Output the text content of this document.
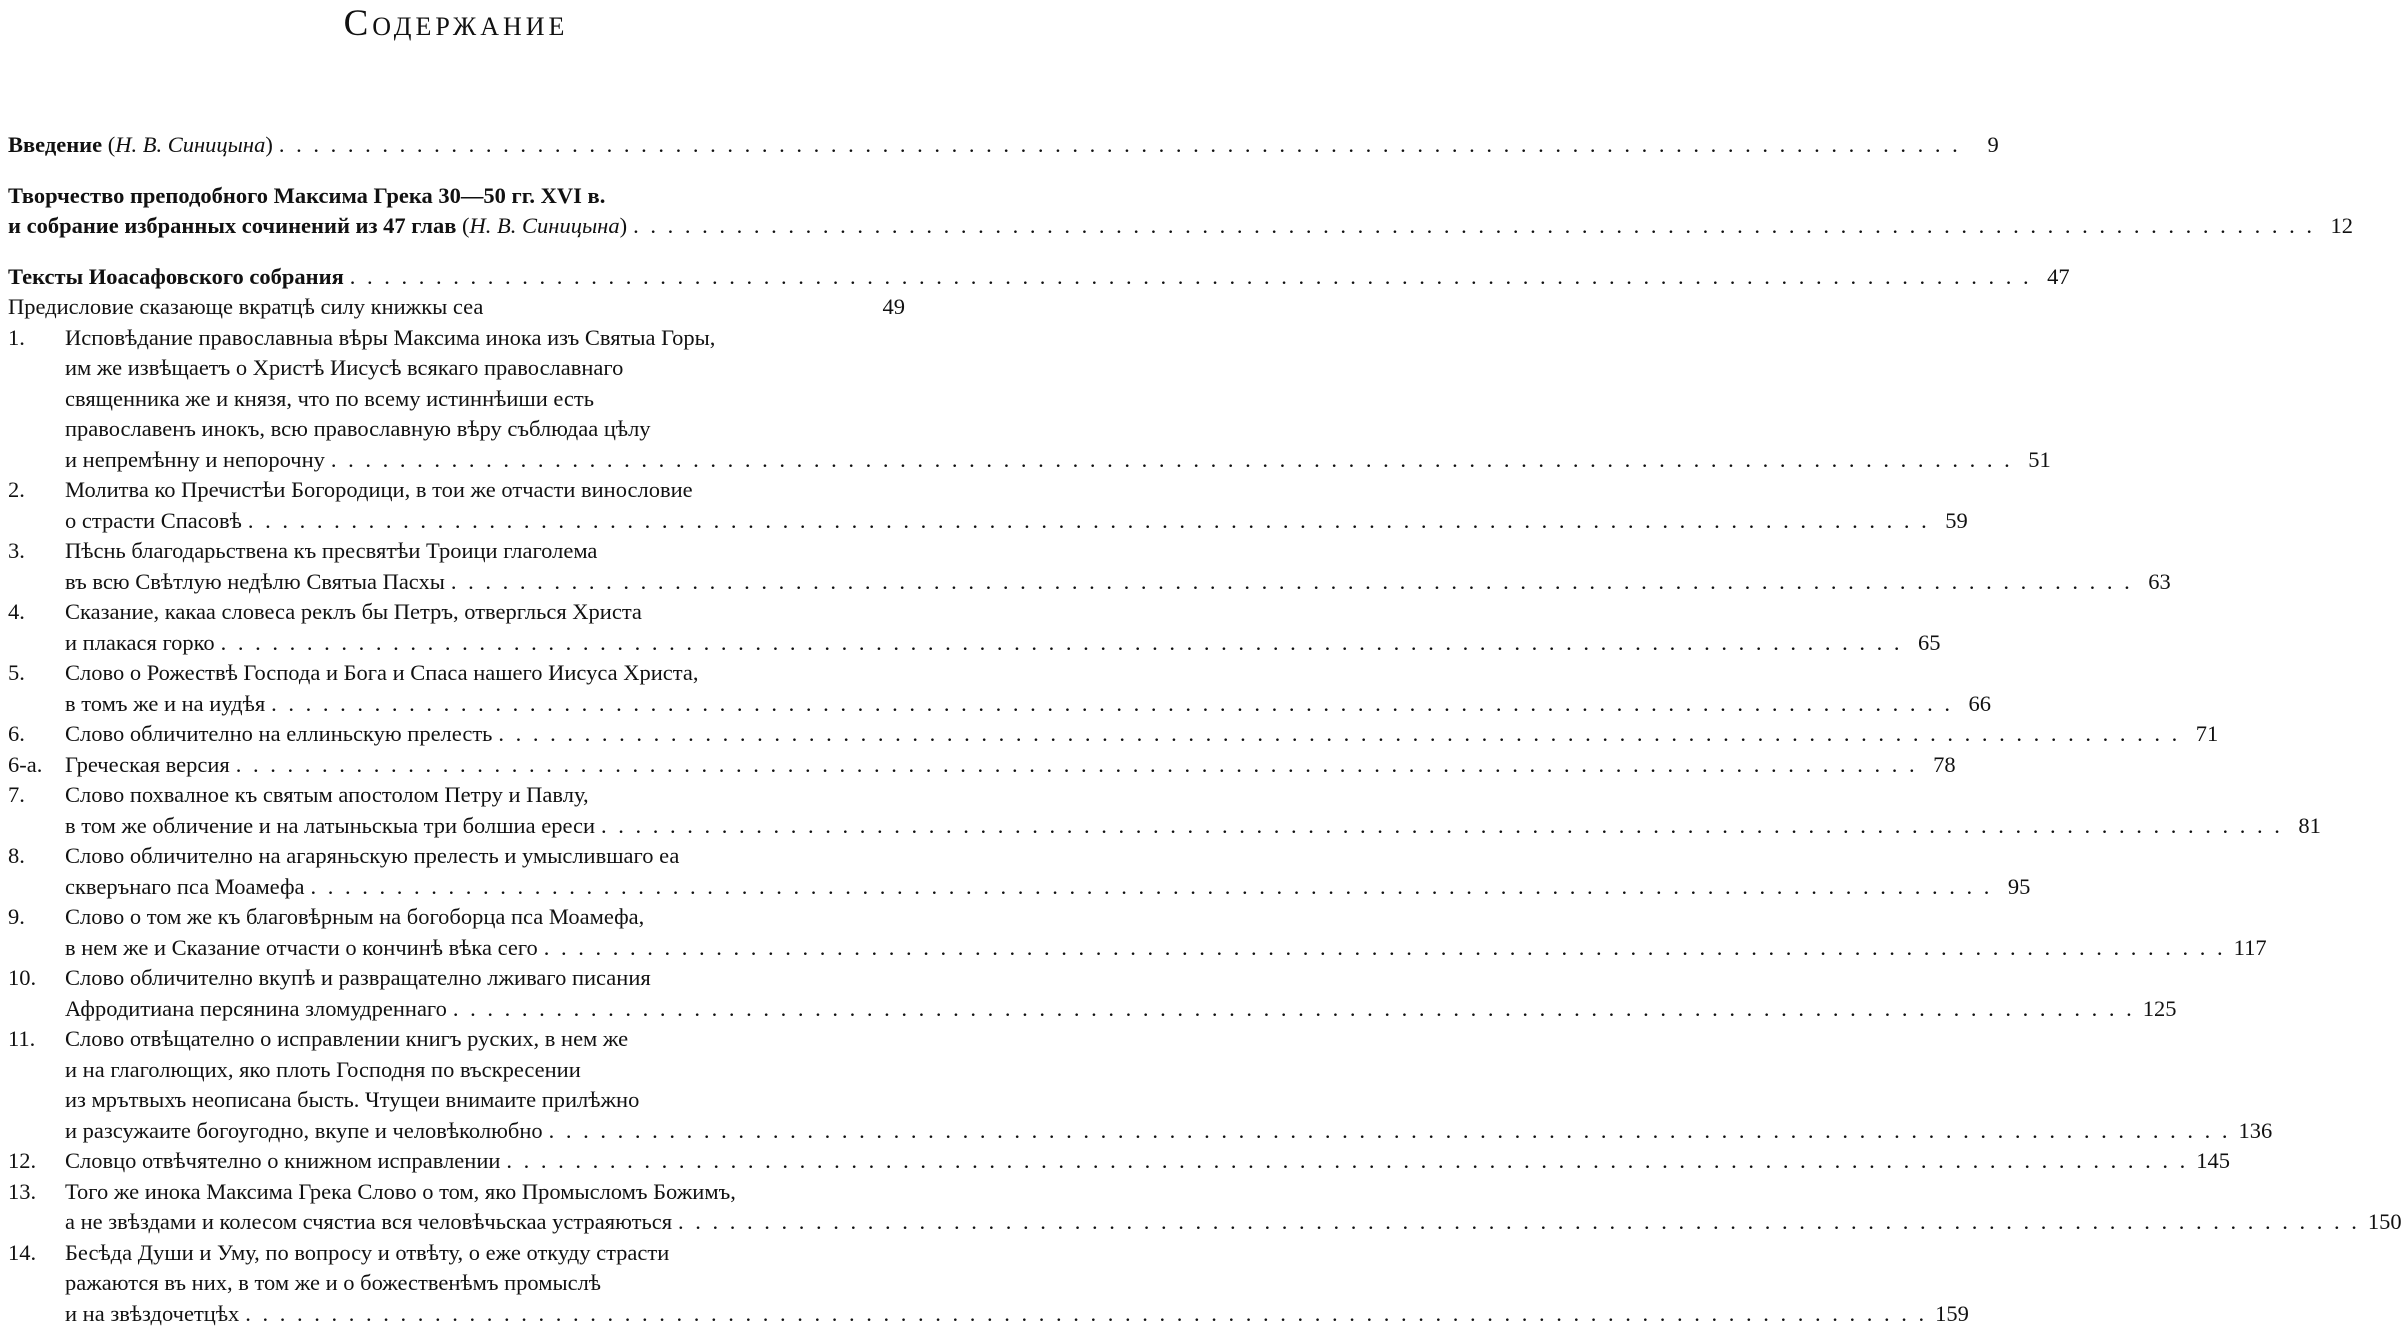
Содержание
Введение (Н. В. Синицына) . . .	9
Творчество преподобного Максима Грека 30—50 гг. XVI в.
и собрание избранных сочинений из 47 глав (Н. В. Синицына) . . .	12
Тексты Иоасафовского собрания . . .	47
Предисловие сказающе вкратцѣ силу книжкы сеа	49
1.	Исповѣдание православныа вѣры Максима инока изъ Святыа Горы,
им же извѣщаетъ о Христѣ Иисусѣ всякаго православнаго
священника же и князя, что по всему истиннѣиши есть
православенъ инокъ, всю православную вѣру съблюдаа цѣлу
и непремѣнну и непорочну . . .	51
2.	Молитва ко Пречистѣи Богородици, в тои же отчасти винословие
о страсти Спасовѣ . . .	59
3.	Пѣснь благодарьствена къ пресвятѣи Троици глаголема
въ всю Свѣтлую недѣлю Святыа Пасхы . . .	63
4.	Сказание, какаа словеса рeклъ бы Петръ, отверглься Христа
и плакася горко . . .	65
5.	Слово о Рожествѣ Господа и Бога и Спаса нашего Иисуса Христа,
в томъ же и на иудѣя . . .	66
6.	Слово обличително на еллиньскую прелесть . . .	71
6-а.	Греческая версия . . .	78
7.	Слово похвалное къ святым апостолом Петру и Павлу,
в том же обличение и на латыньскыа три болшиа ереси . . .	81
8.	Слово обличително на агаряньскую прелесть и умыслившаго еа
скверънаго пса Моамефа . . .	95
9.	Слово о том же къ благовѣрным на богоборца пса Моамефа,
в нем же и Сказание отчасти о кончинѣ вѣка сего . . .	117
10.	Слово обличително вкупѣ и развращателно лживаго писания
Афродитиана персянина зломудреннаго . . .	125
11.	Слово отвѣщателно о исправлении книгъ руских, в нем же
и на глаголющих, яко плоть Господня по въскресении
из мрътвыхъ неописана бысть. Чтущеи внимаите прилѣжно
и разсужаите богоугодно, вкупе и человѣколюбно . . .	136
12.	Словцо отвѣчятелно о книжном исправлении . . .	145
13.	Того же инока Максима Грека Слово о том, яко Промысломъ Божимъ,
а не звѣздами и колесом счястиа вся человѣчьскаа устраяються . . .	150
14.	Бесѣда Души и Уму, по вопросу и отвѣту, о еже откуду страсти
ражаются въ них, в том же и о божественѣмъ промыслѣ
и на звѣздочетцѣх . . .	159
